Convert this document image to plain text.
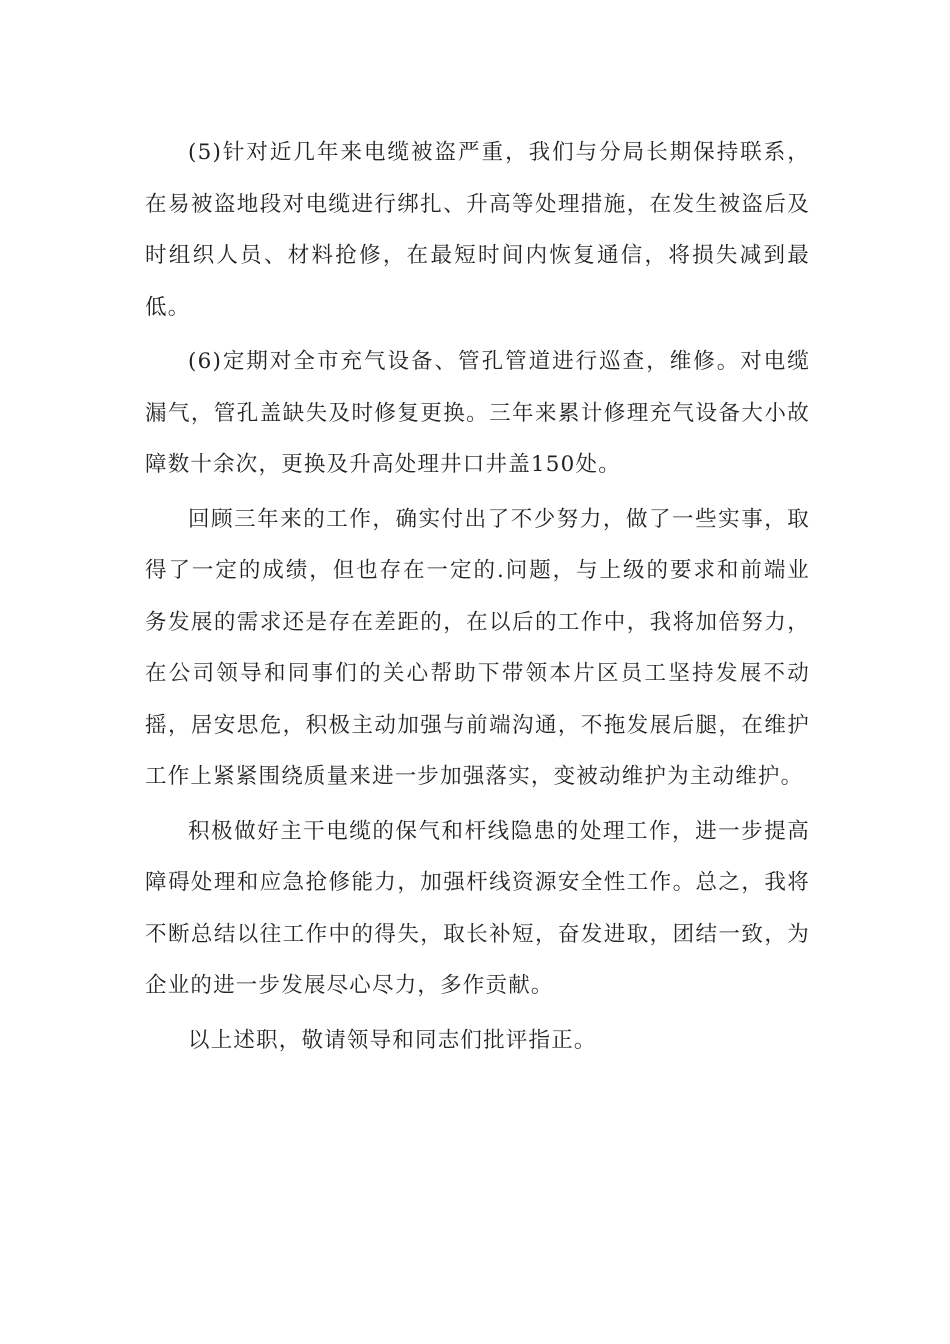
(5)针对近几年来电缆被盗严重，我们与分局长期保持联系，在易被盗地段对电缆进行绑扎、升高等处理措施，在发生被盗后及时组织人员、材料抢修，在最短时间内恢复通信，将损失减到最低。

(6)定期对全市充气设备、管孔管道进行巡查，维修。对电缆漏气，管孔盖缺失及时修复更换。三年来累计修理充气设备大小故障数十余次，更换及升高处理井口井盖150处。

回顾三年来的工作，确实付出了不少努力，做了一些实事，取得了一定的成绩，但也存在一定的.问题，与上级的要求和前端业务发展的需求还是存在差距的，在以后的工作中，我将加倍努力，在公司领导和同事们的关心帮助下带领本片区员工坚持发展不动摇，居安思危，积极主动加强与前端沟通，不拖发展后腿，在维护工作上紧紧围绕质量来进一步加强落实，变被动维护为主动维护。

积极做好主干电缆的保气和杆线隐患的处理工作，进一步提高障碍处理和应急抢修能力，加强杆线资源安全性工作。总之，我将不断总结以往工作中的得失，取长补短，奋发进取，团结一致，为企业的进一步发展尽心尽力，多作贡献。

以上述职，敬请领导和同志们批评指正。
